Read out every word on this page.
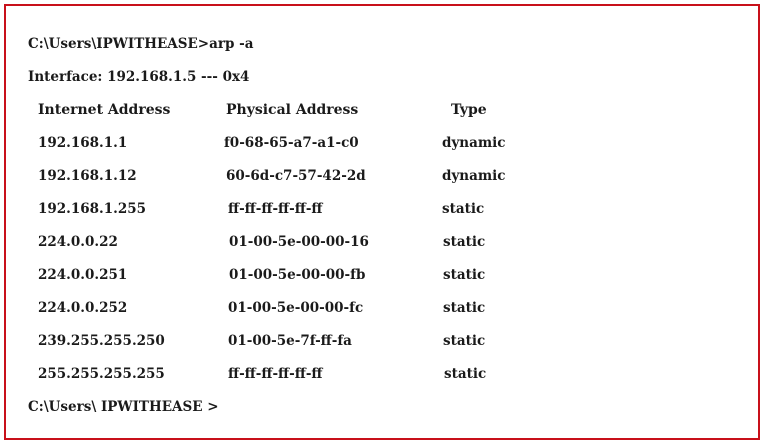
C:\Users\IPWITHEASE>arp -a
Interface: 192.168.1.5 --- 0x4
Internet Address	Physical Address	Type
192.168.1.1	f0-68-65-a7-a1-c0	dynamic
192.168.1.12	60-6d-c7-57-42-2d	dynamic
192.168.1.255	ff-ff-ff-ff-ff-ff	static
224.0.0.22	01-00-5e-00-00-16	static
224.0.0.251	01-00-5e-00-00-fb	static
224.0.0.252	01-00-5e-00-00-fc	static
239.255.255.250	01-00-5e-7f-ff-fa	static
255.255.255.255	ff-ff-ff-ff-ff-ff	static
C:\Users\ IPWITHEASE >
